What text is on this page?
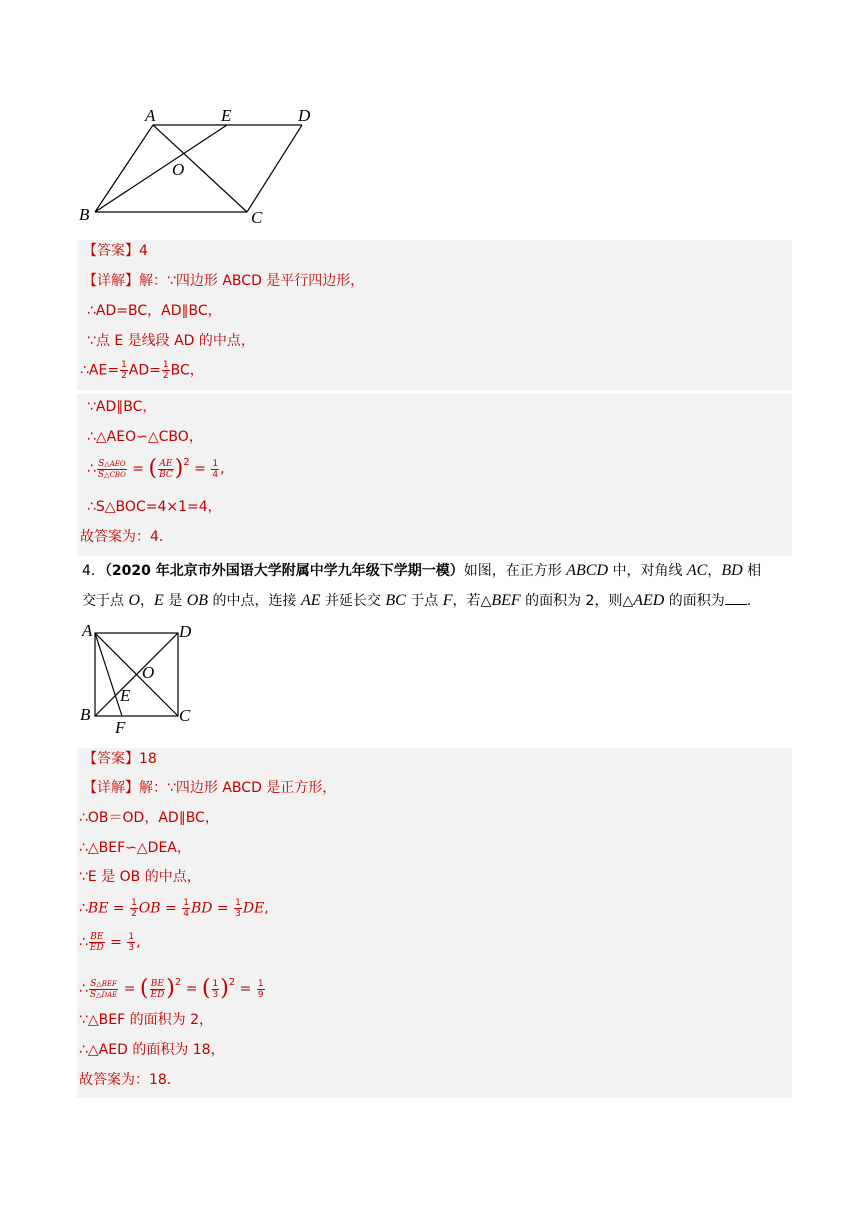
A	E	D
O
B	C
【答案】4
【详解】解：∵四边形 ABCD 是平行四边形，
∴AD=BC，AD∥BC，
∵点 E 是线段 AD 的中点，
∴AE= $\frac{1}{2} AD= \frac{1}{2}$ BC，
∵AD∥BC，
∴△AEO∽△CBO，
∴ $\frac{\text{S△AEO}}{\text{S△CBO}}$ = ( $\frac{AE}{BC} )^2 = \frac{1}{4}$ ,
∴S△BOC=4×1=4，
故答案为：4．
4．（2020 年北京市外国语大学附属中学九年级下学期一模）如图，在正方形 ABCD 中，对角线 AC，BD 相
交于点 O，E 是 OB 的中点，连接 AE 并延长交 BC 于点 F，若△BEF 的面积为 2，则△AED 的面积为 .
A	D
O
E
B
F
C
【答案】18
【详解】解：∵四边形 ABCD 是正方形，
∴OB＝OD，AD∥BC，
∴△BEF∽△DEA，
∵E 是 OB 的中点，
∴BE = $\frac{1}{2}$ OB = $\frac{1}{4}$ BD = $\frac{1}{3}$ DE,
∴ $\frac{BE}{ED} = \frac{1}{3}$ ,
∴ $\frac{\text{S△BEF}}{\text{S△DAE}}$ = ( $\frac{BE}{ED} )^2$ = ( $\frac{1}{3} )^2 = \frac{1}{9}$
∵△BEF 的面积为 2，
∴△AED 的面积为 18，
故答案为：18．
